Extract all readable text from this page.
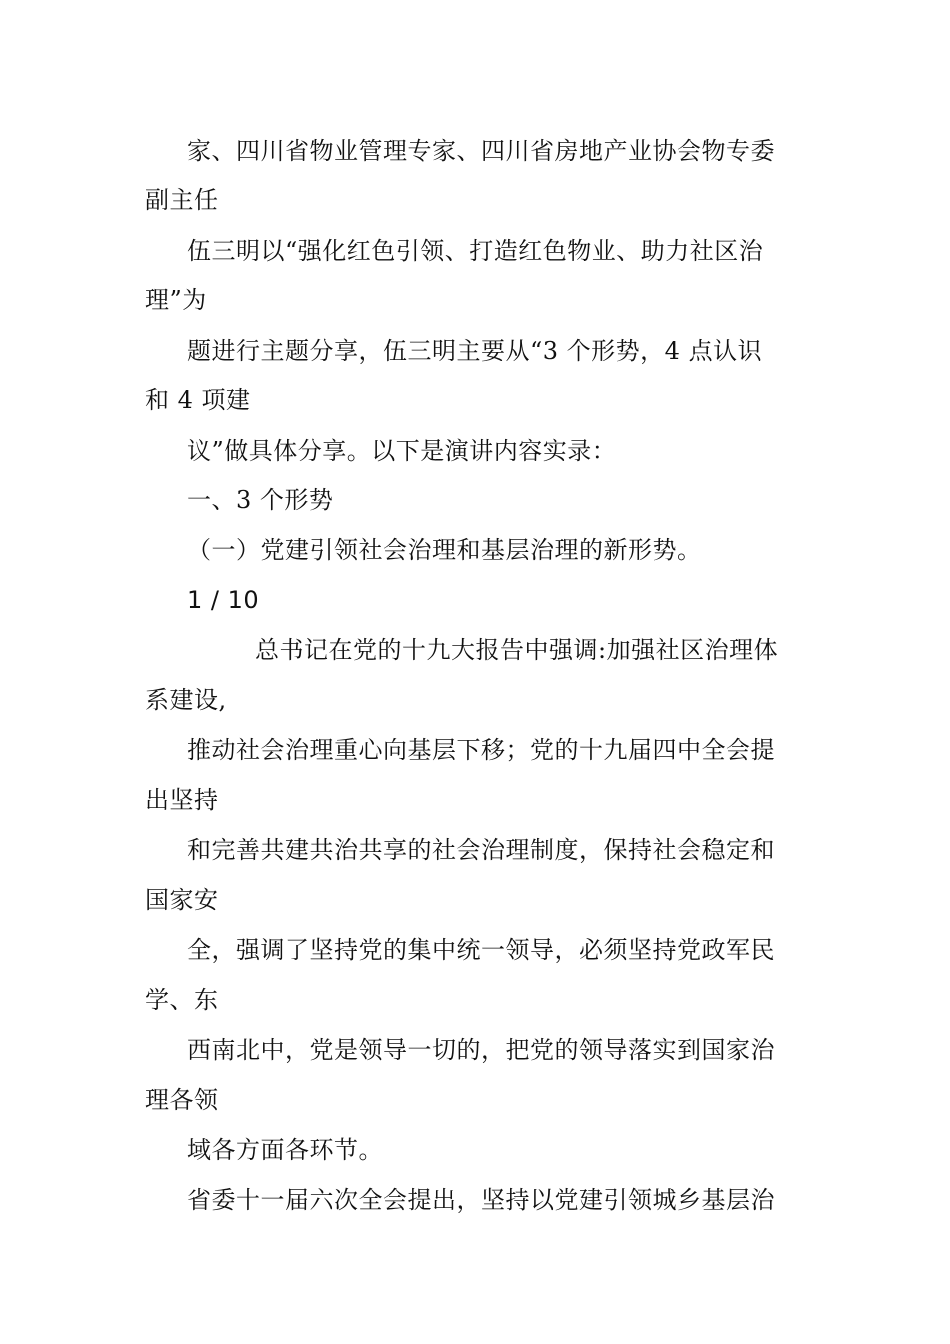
家、四川省物业管理专家、四川省房地产业协会物专委
副主任
伍三明以“强化红色引领、打造红色物业、助力社区治
理”为
题进行主题分享，伍三明主要从“3 个形势，4 点认识
和 4 项建
议”做具体分享。以下是演讲内容实录：
一、3 个形势
（一）党建引领社会治理和基层治理的新形势。
1 / 10
总书记在党的十九大报告中强调:加强社区治理体
系建设,
推动社会治理重心向基层下移；党的十九届四中全会提
出坚持
和完善共建共治共享的社会治理制度，保持社会稳定和
国家安
全，强调了坚持党的集中统一领导，必须坚持党政军民
学、东
西南北中，党是领导一切的，把党的领导落实到国家治
理各领
域各方面各环节。
省委十一届六次全会提出，坚持以党建引领城乡基层治
